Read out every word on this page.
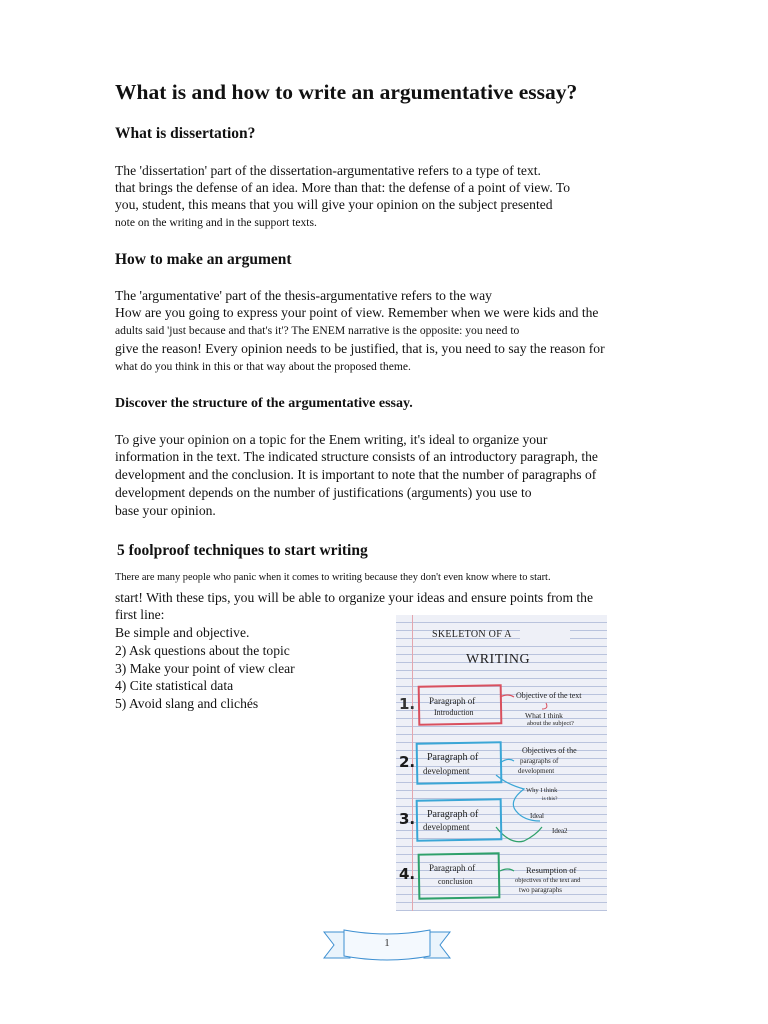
What is and how to write an argumentative essay?
What is dissertation?
The 'dissertation' part of the dissertation-argumentative refers to a type of text.
that brings the defense of an idea. More than that: the defense of a point of view. To
you, student, this means that you will give your opinion on the subject presented
note on the writing and in the support texts.
How to make an argument
The 'argumentative' part of the thesis-argumentative refers to the way
How are you going to express your point of view. Remember when we were kids and the
adults said 'just because and that's it'? The ENEM narrative is the opposite: you need to
give the reason! Every opinion needs to be justified, that is, you need to say the reason for
what do you think in this or that way about the proposed theme.
Discover the structure of the argumentative essay.
To give your opinion on a topic for the Enem writing, it's ideal to organize your
information in the text. The indicated structure consists of an introductory paragraph, the
development and the conclusion. It is important to note that the number of paragraphs of
development depends on the number of justifications (arguments) you use to
base your opinion.
5 foolproof techniques to start writing
There are many people who panic when it comes to writing because they don't even know where to start.
start! With these tips, you will be able to organize your ideas and ensure points from the
first line:
Be simple and objective.
2) Ask questions about the topic
3) Make your point of view clear
4) Cite statistical data
5) Avoid slang and clichés
SKELETON OF A
WRITING
1. Paragraph of
Introduction
2. Paragraph of
development
3. Paragraph of
development
4. Paragraph of
conclusion
Objective of the text
What I think
about the subject?
Objectives of the
paragraphs of
development
Why I think
is this?
Ideal
Idea2
Resumption of
objectives of the text and
two paragraphs
1
